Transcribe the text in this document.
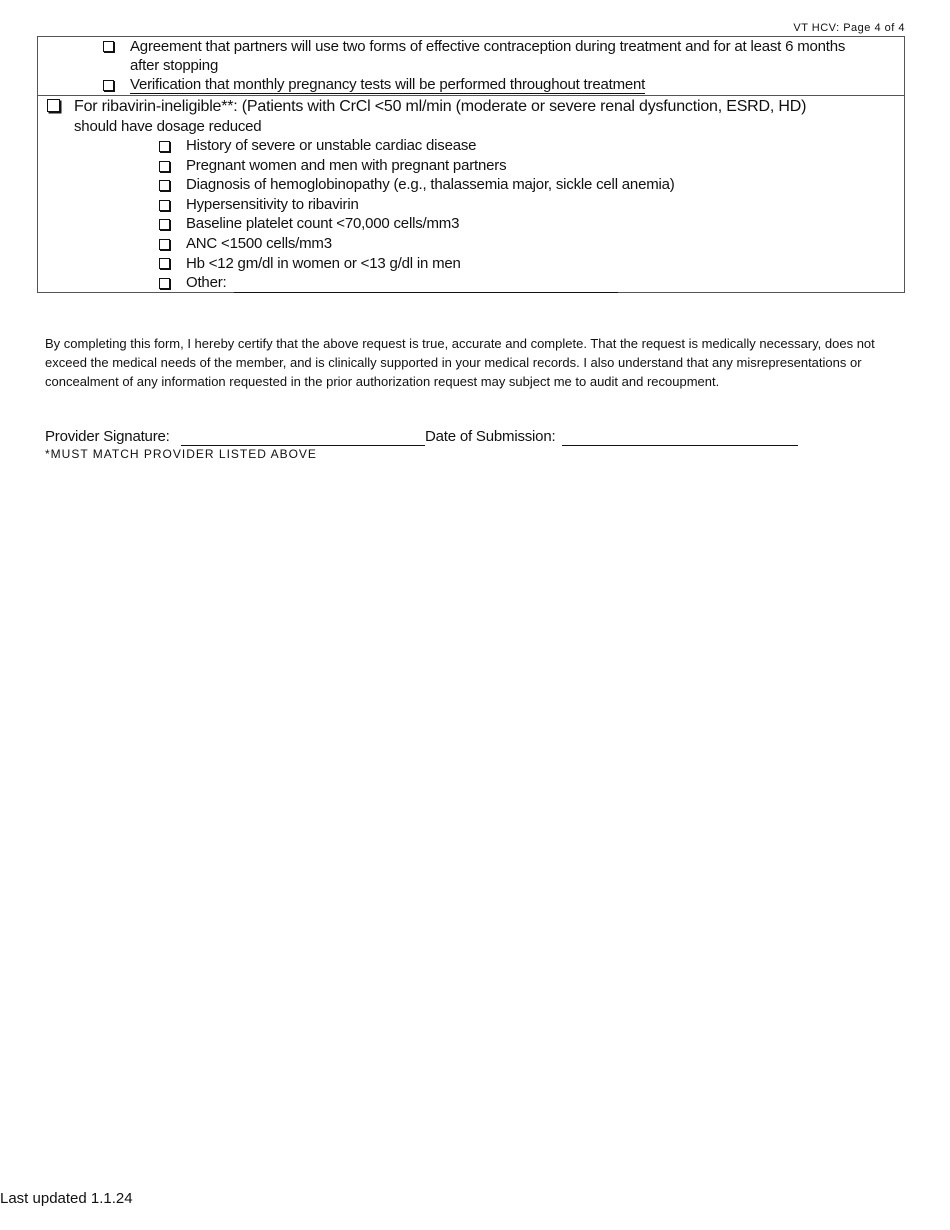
VT HCV: Page 4 of 4
Agreement that partners will use two forms of effective contraception during treatment and for at least 6 months
after stopping
Verification that monthly pregnancy tests will be performed throughout treatment
For ribavirin-ineligible**: (Patients with CrCl <50 ml/min (moderate or severe renal dysfunction, ESRD, HD)
should have dosage reduced
History of severe or unstable cardiac disease
Pregnant women and men with pregnant partners
Diagnosis of hemoglobinopathy (e.g., thalassemia major, sickle cell anemia)
Hypersensitivity to ribavirin
Baseline platelet count <70,000 cells/mm3
ANC <1500 cells/mm3
Hb <12 gm/dl in women or <13 g/dl in men
Other:
By completing this form, I hereby certify that the above request is true, accurate and complete. That the request is medically necessary, does not exceed the medical needs of the member, and is clinically supported in your medical records. I also understand that any misrepresentations or concealment of any information requested in the prior authorization request may subject me to audit and recoupment.
Provider Signature:	Date of Submission:
*MUST MATCH PROVIDER LISTED ABOVE
Last updated 1.1.24
